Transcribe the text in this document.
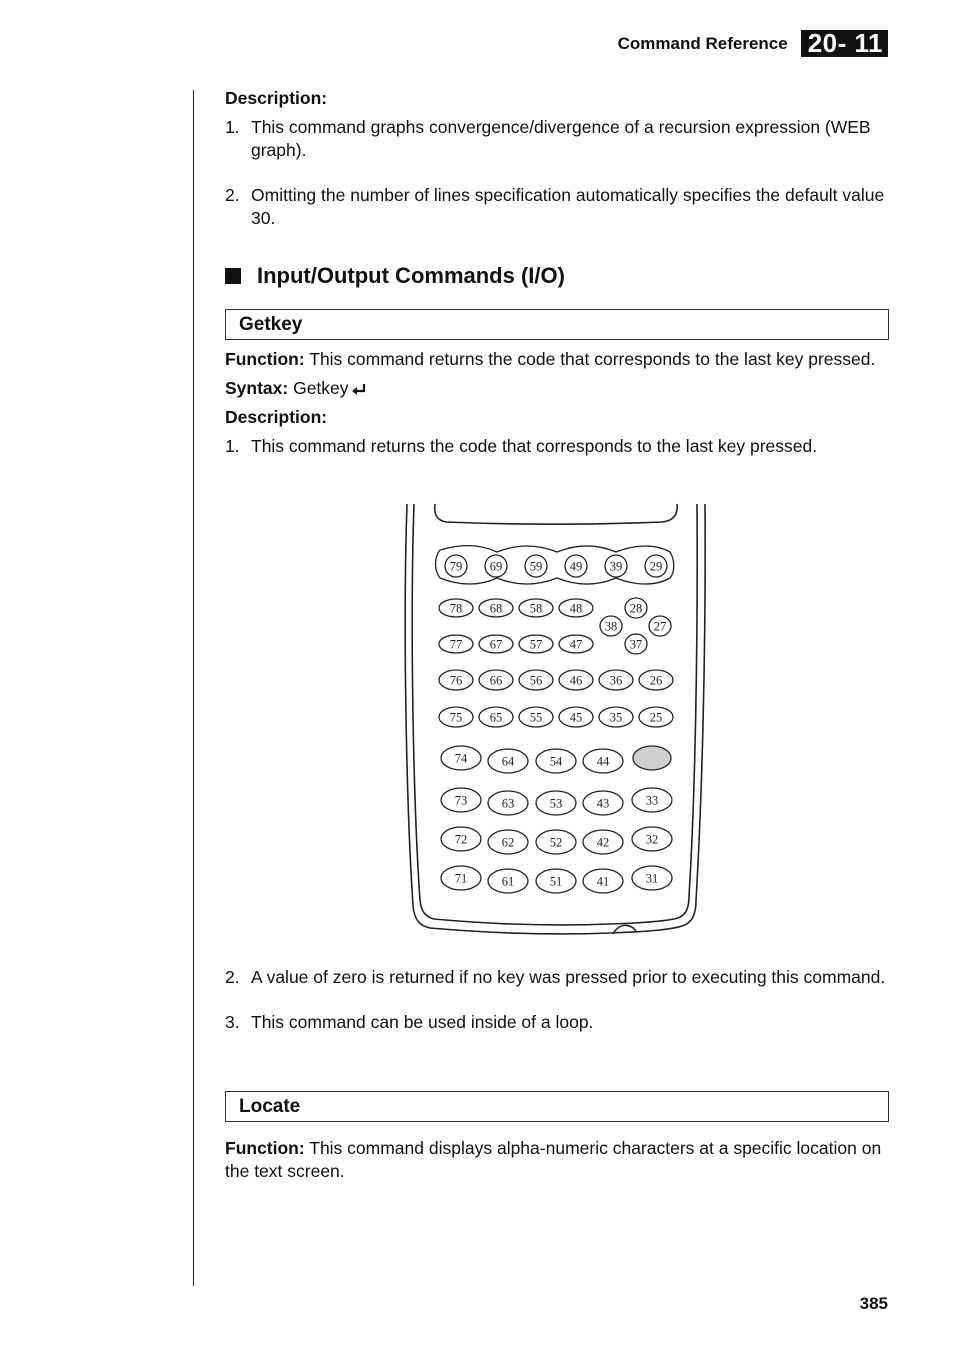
Command Reference 20- 11
Description:
1. This command graphs convergence/divergence of a recursion expression (WEB graph).
2. Omitting the number of lines specification automatically specifies the default value 30.
Input/Output Commands (I/O)
Getkey
Function: This command returns the code that corresponds to the last key pressed.
Syntax: Getkey
Description:
1. This command returns the code that corresponds to the last key pressed.
79 69 59 49 39 29
78 68 58 48
77 67 57 47
28
38	27
37
76 66 56 46 36 26
75 65 55 45 35 25
74	64	54	44
73	63	53	43	33
72	62	52	42	32
71	61	51	41	31
2. A value of zero is returned if no key was pressed prior to executing this command.
3. This command can be used inside of a loop.
Locate
Function: This command displays alpha-numeric characters at a specific location on the text screen.
385
